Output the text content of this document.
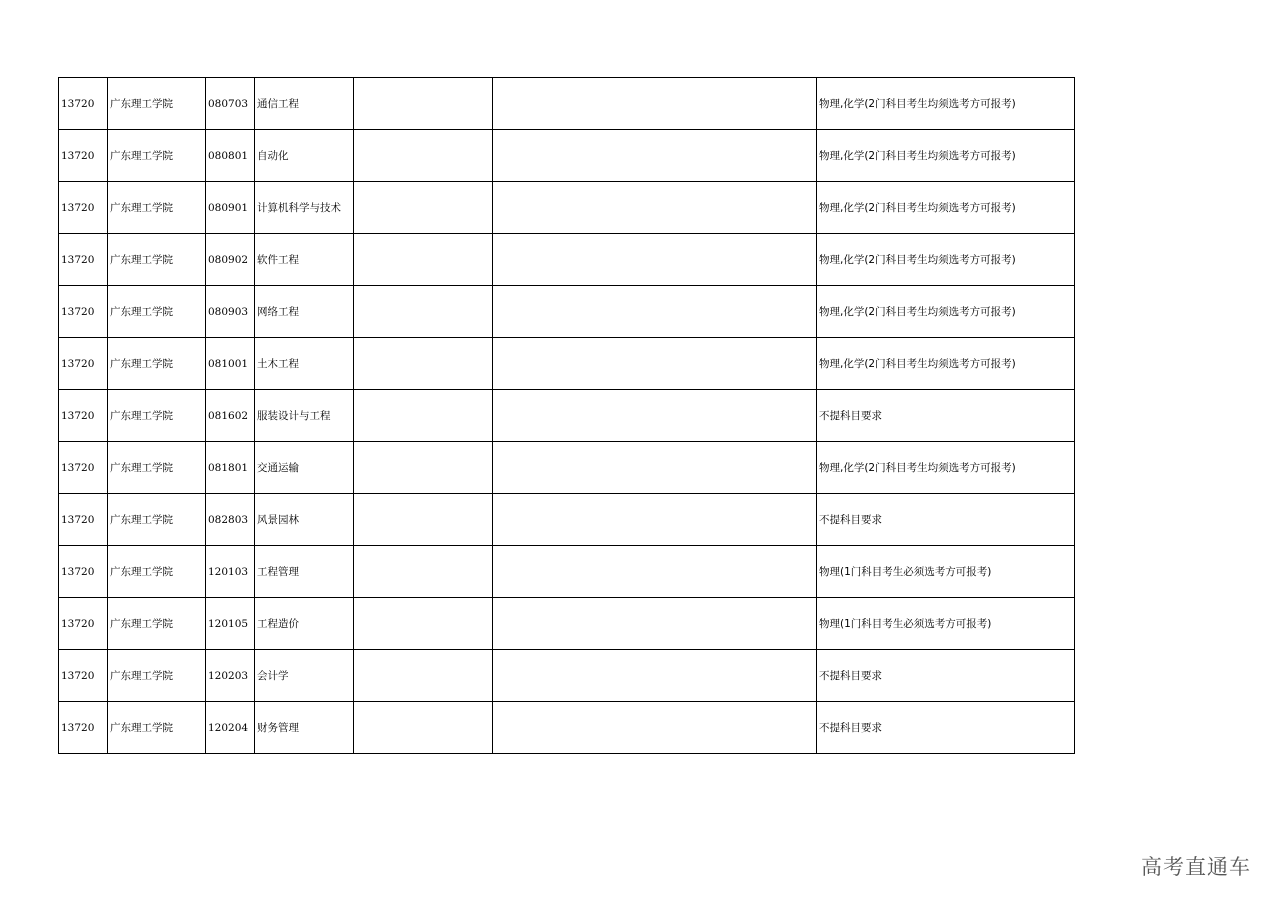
13720	广东理工学院	080703	通信工程			物理,化学(2门科目考生均须选考方可报考)
13720	广东理工学院	080801	自动化			物理,化学(2门科目考生均须选考方可报考)
13720	广东理工学院	080901	计算机科学与技术			物理,化学(2门科目考生均须选考方可报考)
13720	广东理工学院	080902	软件工程			物理,化学(2门科目考生均须选考方可报考)
13720	广东理工学院	080903	网络工程			物理,化学(2门科目考生均须选考方可报考)
13720	广东理工学院	081001	土木工程			物理,化学(2门科目考生均须选考方可报考)
13720	广东理工学院	081602	服装设计与工程			不提科目要求
13720	广东理工学院	081801	交通运输			物理,化学(2门科目考生均须选考方可报考)
13720	广东理工学院	082803	风景园林			不提科目要求
13720	广东理工学院	120103	工程管理			物理(1门科目考生必须选考方可报考)
13720	广东理工学院	120105	工程造价			物理(1门科目考生必须选考方可报考)
13720	广东理工学院	120203	会计学			不提科目要求
13720	广东理工学院	120204	财务管理			不提科目要求
高考直通车
